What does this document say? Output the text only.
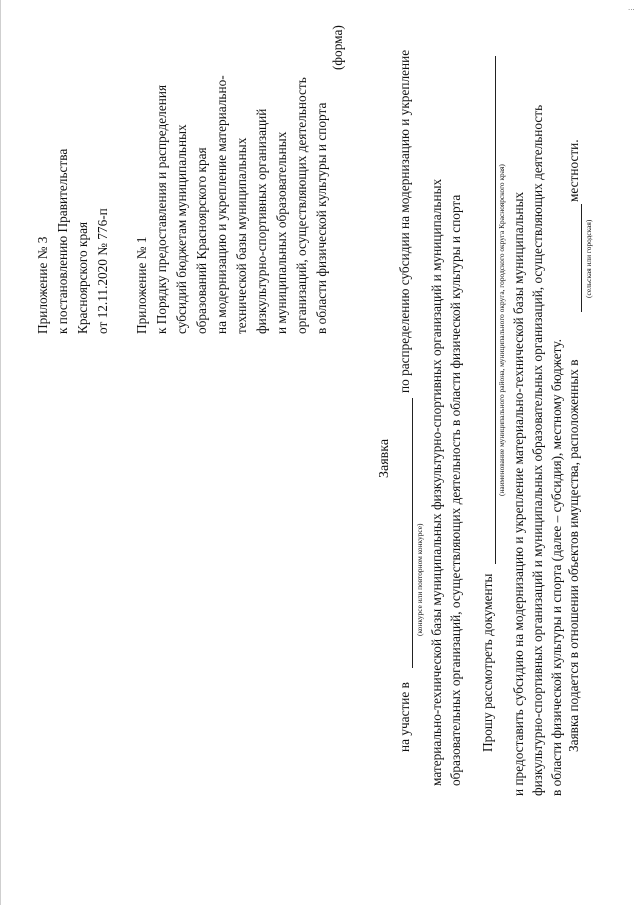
...
Приложение № 3 к постановлению Правительства Красноярского края от 12.11.2020 № 776-п Приложение № 1 к Порядку предоставления и распределения субсидий бюджетам муниципальных образований Красноярского края на модернизацию и укрепление материально- технической базы муниципальных физкультурно-спортивных организаций и муниципальных образовательных организаций, осуществляющих деятельность в области физической культуры и спорта
(форма)
Заявка
на участие в
(конкурсе или повторном конкурсе)
по распределению субсидии на модернизацию и укрепление материально-технической базы муниципальных физкультурно-спортивных организаций и муниципальных образовательных организаций, осуществляющих деятельность в области физической культуры и спорта Прошу рассмотреть документы
(наименование муниципального района, муниципального округа, городского округа Красноярского края) и предоставить субсидию на модернизацию и укрепление материально-технической базы муниципальных физкультурно-спортивных организаций и муниципальных образовательных организаций, осуществляющих деятельность в области физической культуры и спорта (далее – субсидия), местному бюджету. Заявка подается в отношении объектов имущества, расположенных в
местности.
(сельская или городская)
